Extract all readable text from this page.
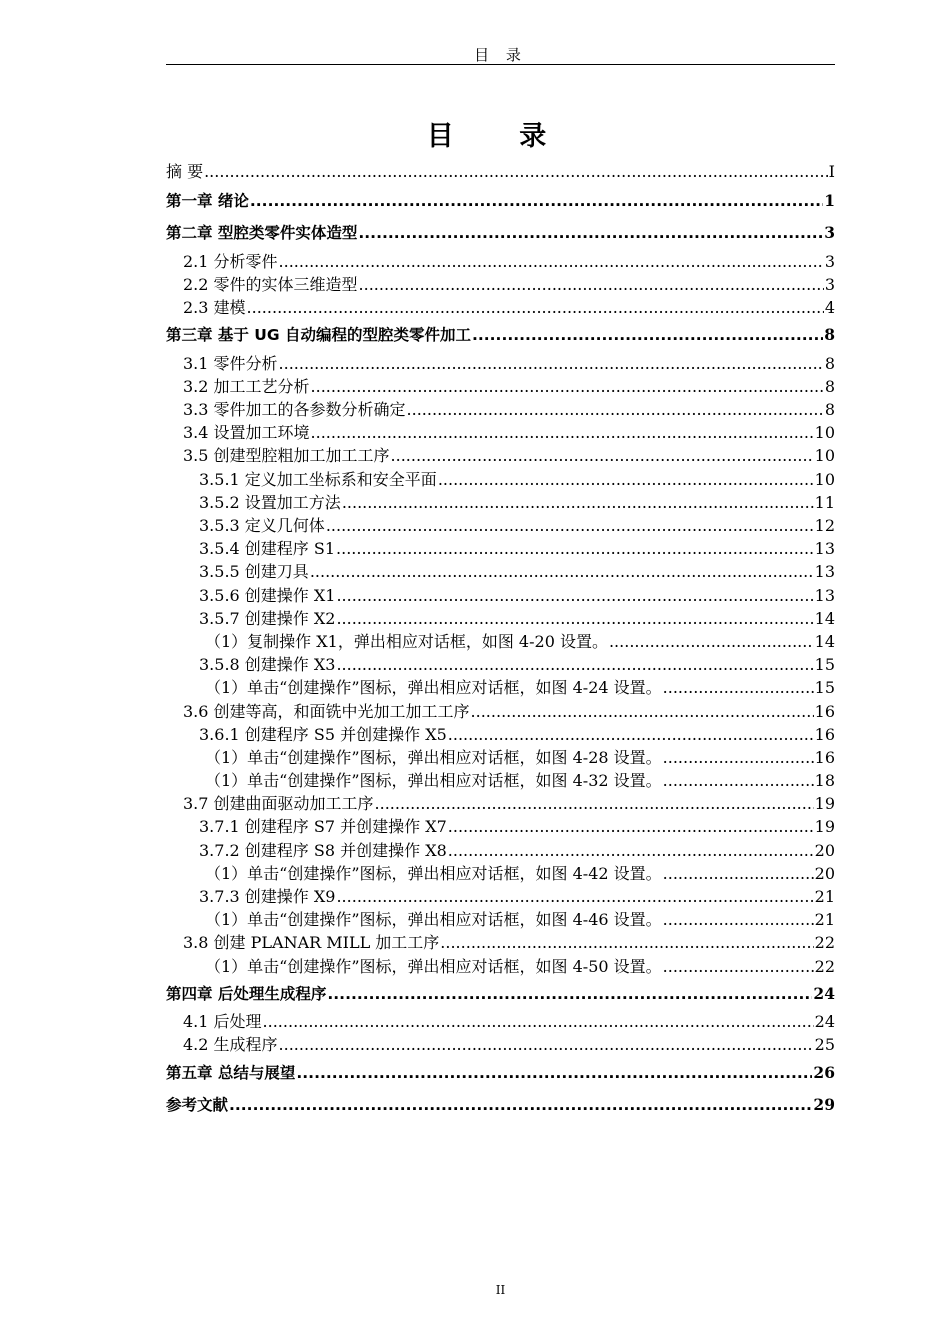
目 录
目 录
摘 要 .....	I
第一章 绪论 .....	1
第二章 型腔类零件实体造型 .....	3
2.1 分析零件 .....	3
2.2 零件的实体三维造型 .....	3
2.3 建模 .....	4
第三章 基于 UG 自动编程的型腔类零件加工 .....	8
3.1 零件分析 .....	8
3.2 加工工艺分析 .....	8
3.3 零件加工的各参数分析确定 .....	8
3.4 设置加工环境 .....	10
3.5 创建型腔粗加工加工工序 .....	10
3.5.1 定义加工坐标系和安全平面 .....	10
3.5.2 设置加工方法 .....	11
3.5.3 定义几何体 .....	12
3.5.4 创建程序 S1 .....	13
3.5.5 创建刀具 .....	13
3.5.6 创建操作 X1 .....	13
3.5.7 创建操作 X2 .....	14
（1）复制操作 X1，弹出相应对话框，如图 4-20 设置。 .....	14
3.5.8 创建操作 X3 .....	15
（1）单击“创建操作”图标，弹出相应对话框，如图 4-24 设置。 .....	15
3.6 创建等高，和面铣中光加工加工工序 .....	16
3.6.1 创建程序 S5 并创建操作 X5 .....	16
（1）单击“创建操作”图标，弹出相应对话框，如图 4-28 设置。 .....	16
（1）单击“创建操作”图标，弹出相应对话框，如图 4-32 设置。 .....	18
3.7 创建曲面驱动加工工序 .....	19
3.7.1 创建程序 S7 并创建操作 X7 .....	19
3.7.2 创建程序 S8 并创建操作 X8 .....	20
（1）单击“创建操作”图标，弹出相应对话框，如图 4-42 设置。 .....	20
3.7.3 创建操作 X9 .....	21
（1）单击“创建操作”图标，弹出相应对话框，如图 4-46 设置。 .....	21
3.8 创建 PLANAR MILL 加工工序 .....	22
（1）单击“创建操作”图标，弹出相应对话框，如图 4-50 设置。 .....	22
第四章 后处理生成程序 .....	24
4.1 后处理 .....	24
4.2 生成程序 .....	25
第五章 总结与展望 .....	26
参考文献 .....	29
II
